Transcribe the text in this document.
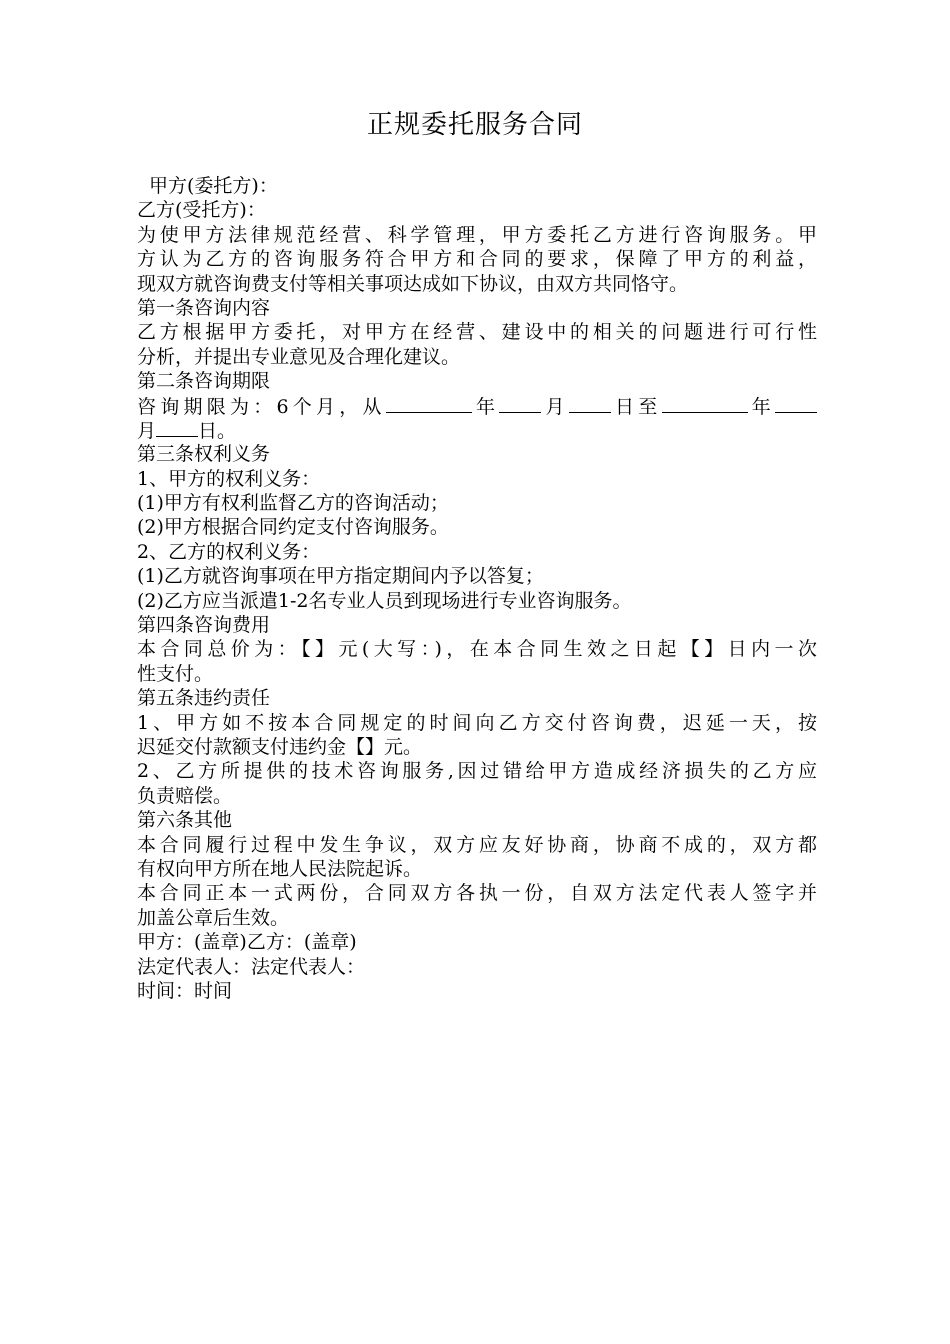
正规委托服务合同
甲方(委托方)：
乙方(受托方)：
为使甲方法律规范经营、科学管理，甲方委托乙方进行咨询服务。甲
方认为乙方的咨询服务符合甲方和合同的要求，保障了甲方的利益，
现双方就咨询费支付等相关事项达成如下协议，由双方共同恪守。
第一条咨询内容
乙方根据甲方委托，对甲方在经营、建设中的相关的问题进行可行性
分析，并提出专业意见及合理化建议。
第二条咨询期限
咨询期限为：6个月，从	年 月 日至	年
月 日。
第三条权利义务
1、甲方的权利义务：
(1)甲方有权利监督乙方的咨询活动；
(2)甲方根据合同约定支付咨询服务。
2、乙方的权利义务：
(1)乙方就咨询事项在甲方指定期间内予以答复；
(2)乙方应当派遣1-2名专业人员到现场进行专业咨询服务。
第四条咨询费用
本合同总价为：【】元(大写：)，在本合同生效之日起【】日内一次
性支付。
第五条违约责任
1、甲方如不按本合同规定的时间向乙方交付咨询费，迟延一天，按
迟延交付款额支付违约金【】元。
2、乙方所提供的技术咨询服务,因过错给甲方造成经济损失的乙方应
负责赔偿。
第六条其他
本合同履行过程中发生争议，双方应友好协商，协商不成的，双方都
有权向甲方所在地人民法院起诉。
本合同正本一式两份，合同双方各执一份，自双方法定代表人签字并
加盖公章后生效。
甲方：(盖章)乙方：(盖章)
法定代表人：法定代表人：
时间：时间
